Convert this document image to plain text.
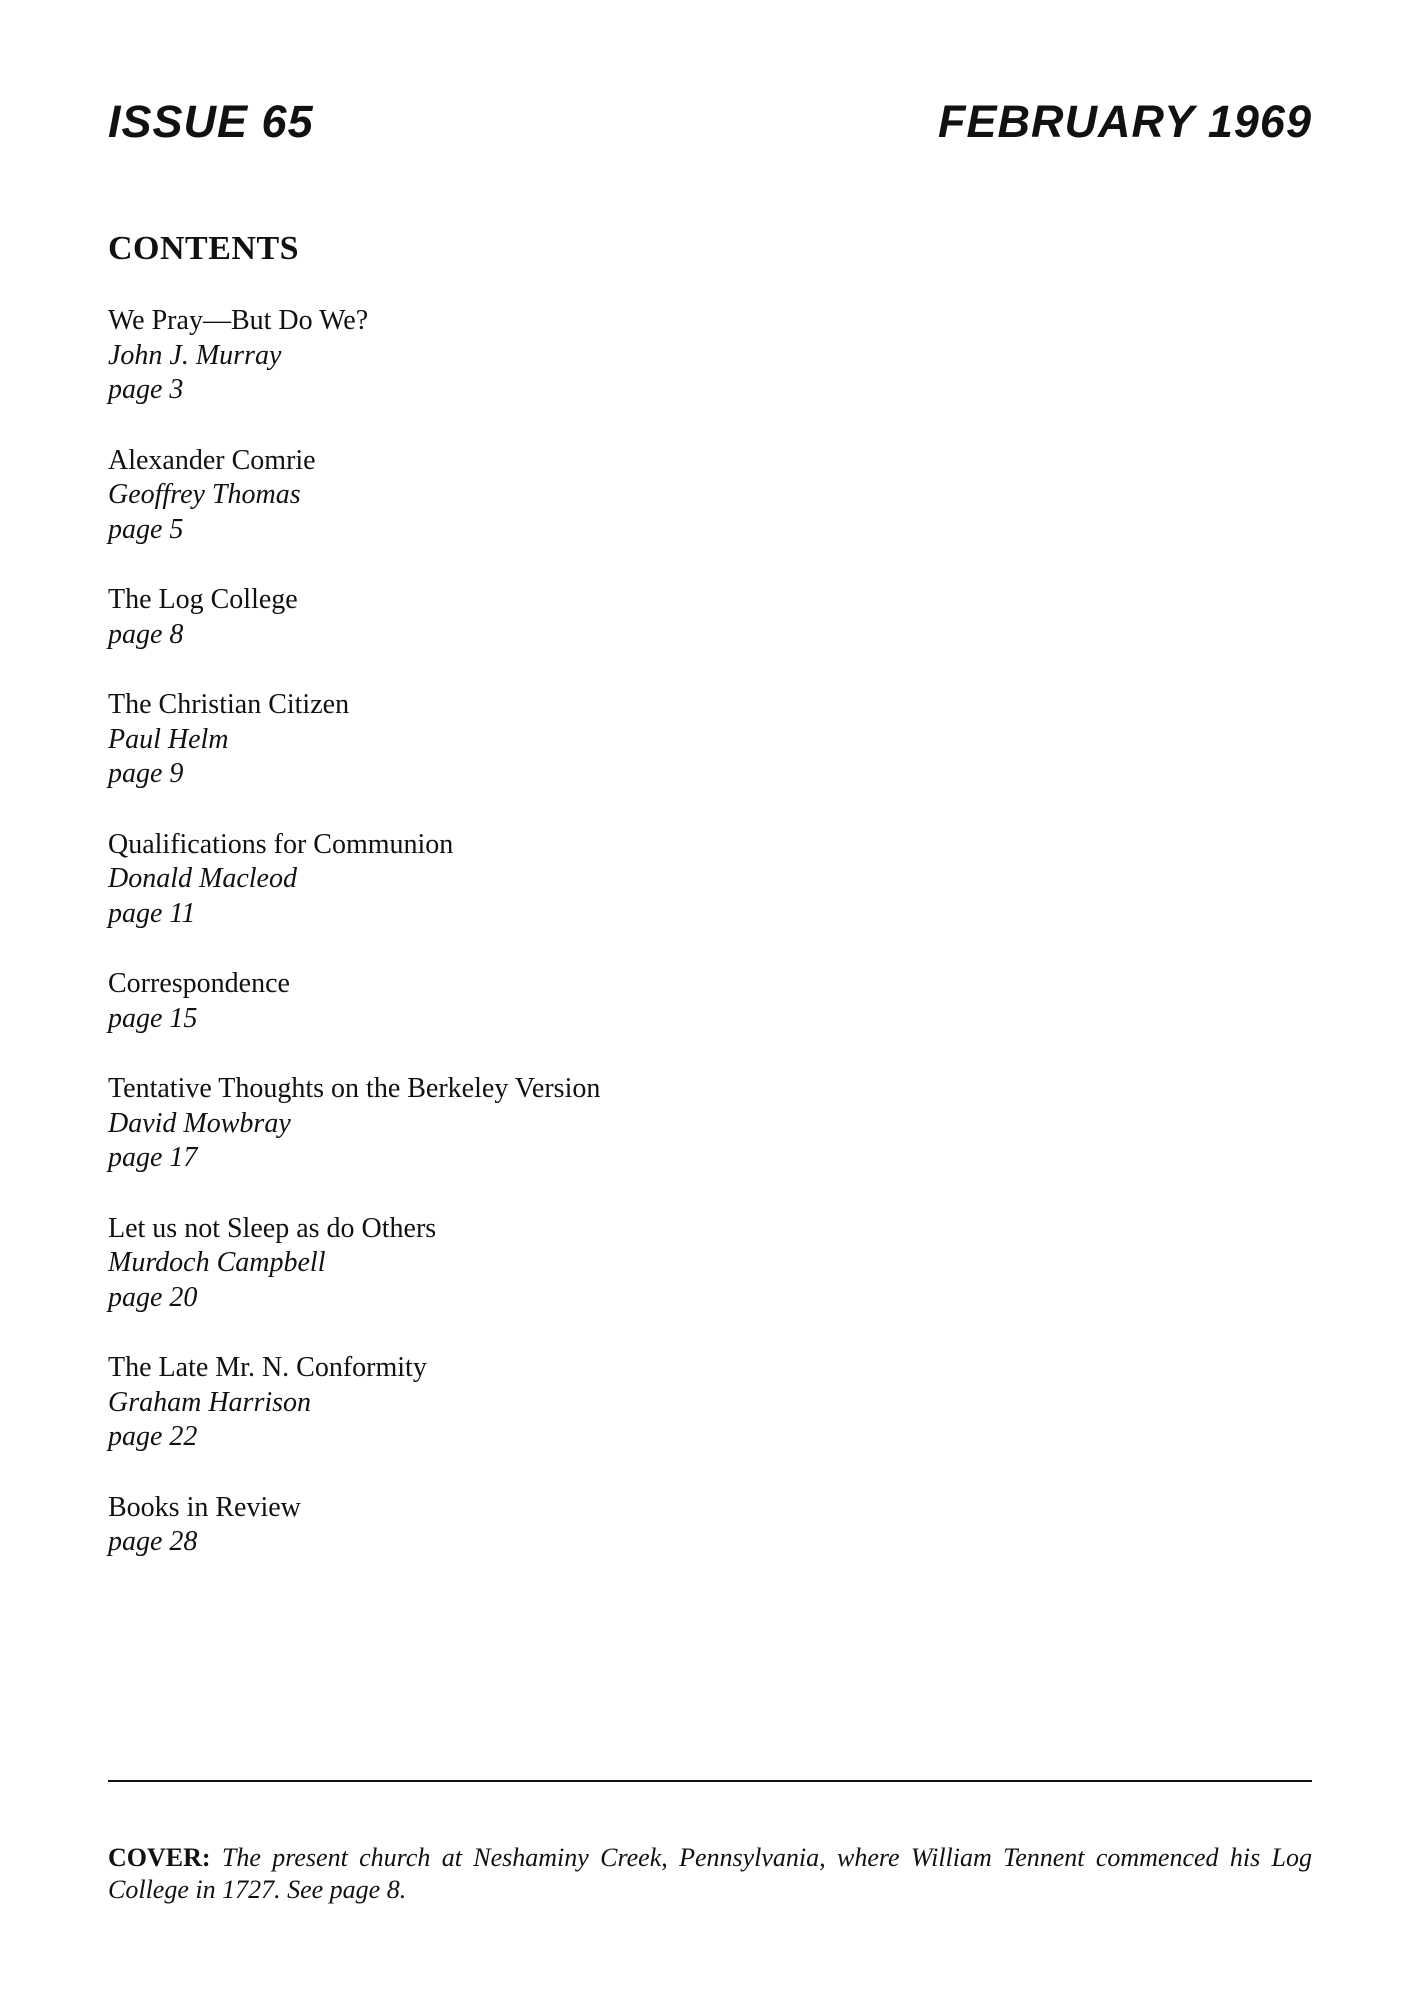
ISSUE 65	FEBRUARY 1969
CONTENTS
We Pray—But Do We?
John J. Murray
page 3
Alexander Comrie
Geoffrey Thomas
page 5
The Log College
page 8
The Christian Citizen
Paul Helm
page 9
Qualifications for Communion
Donald Macleod
page 11
Correspondence
page 15
Tentative Thoughts on the Berkeley Version
David Mowbray
page 17
Let us not Sleep as do Others
Murdoch Campbell
page 20
The Late Mr. N. Conformity
Graham Harrison
page 22
Books in Review
page 28

COVER: The present church at Neshaminy Creek, Pennsylvania, where William Tennent commenced his Log College in 1727. See page 8.
